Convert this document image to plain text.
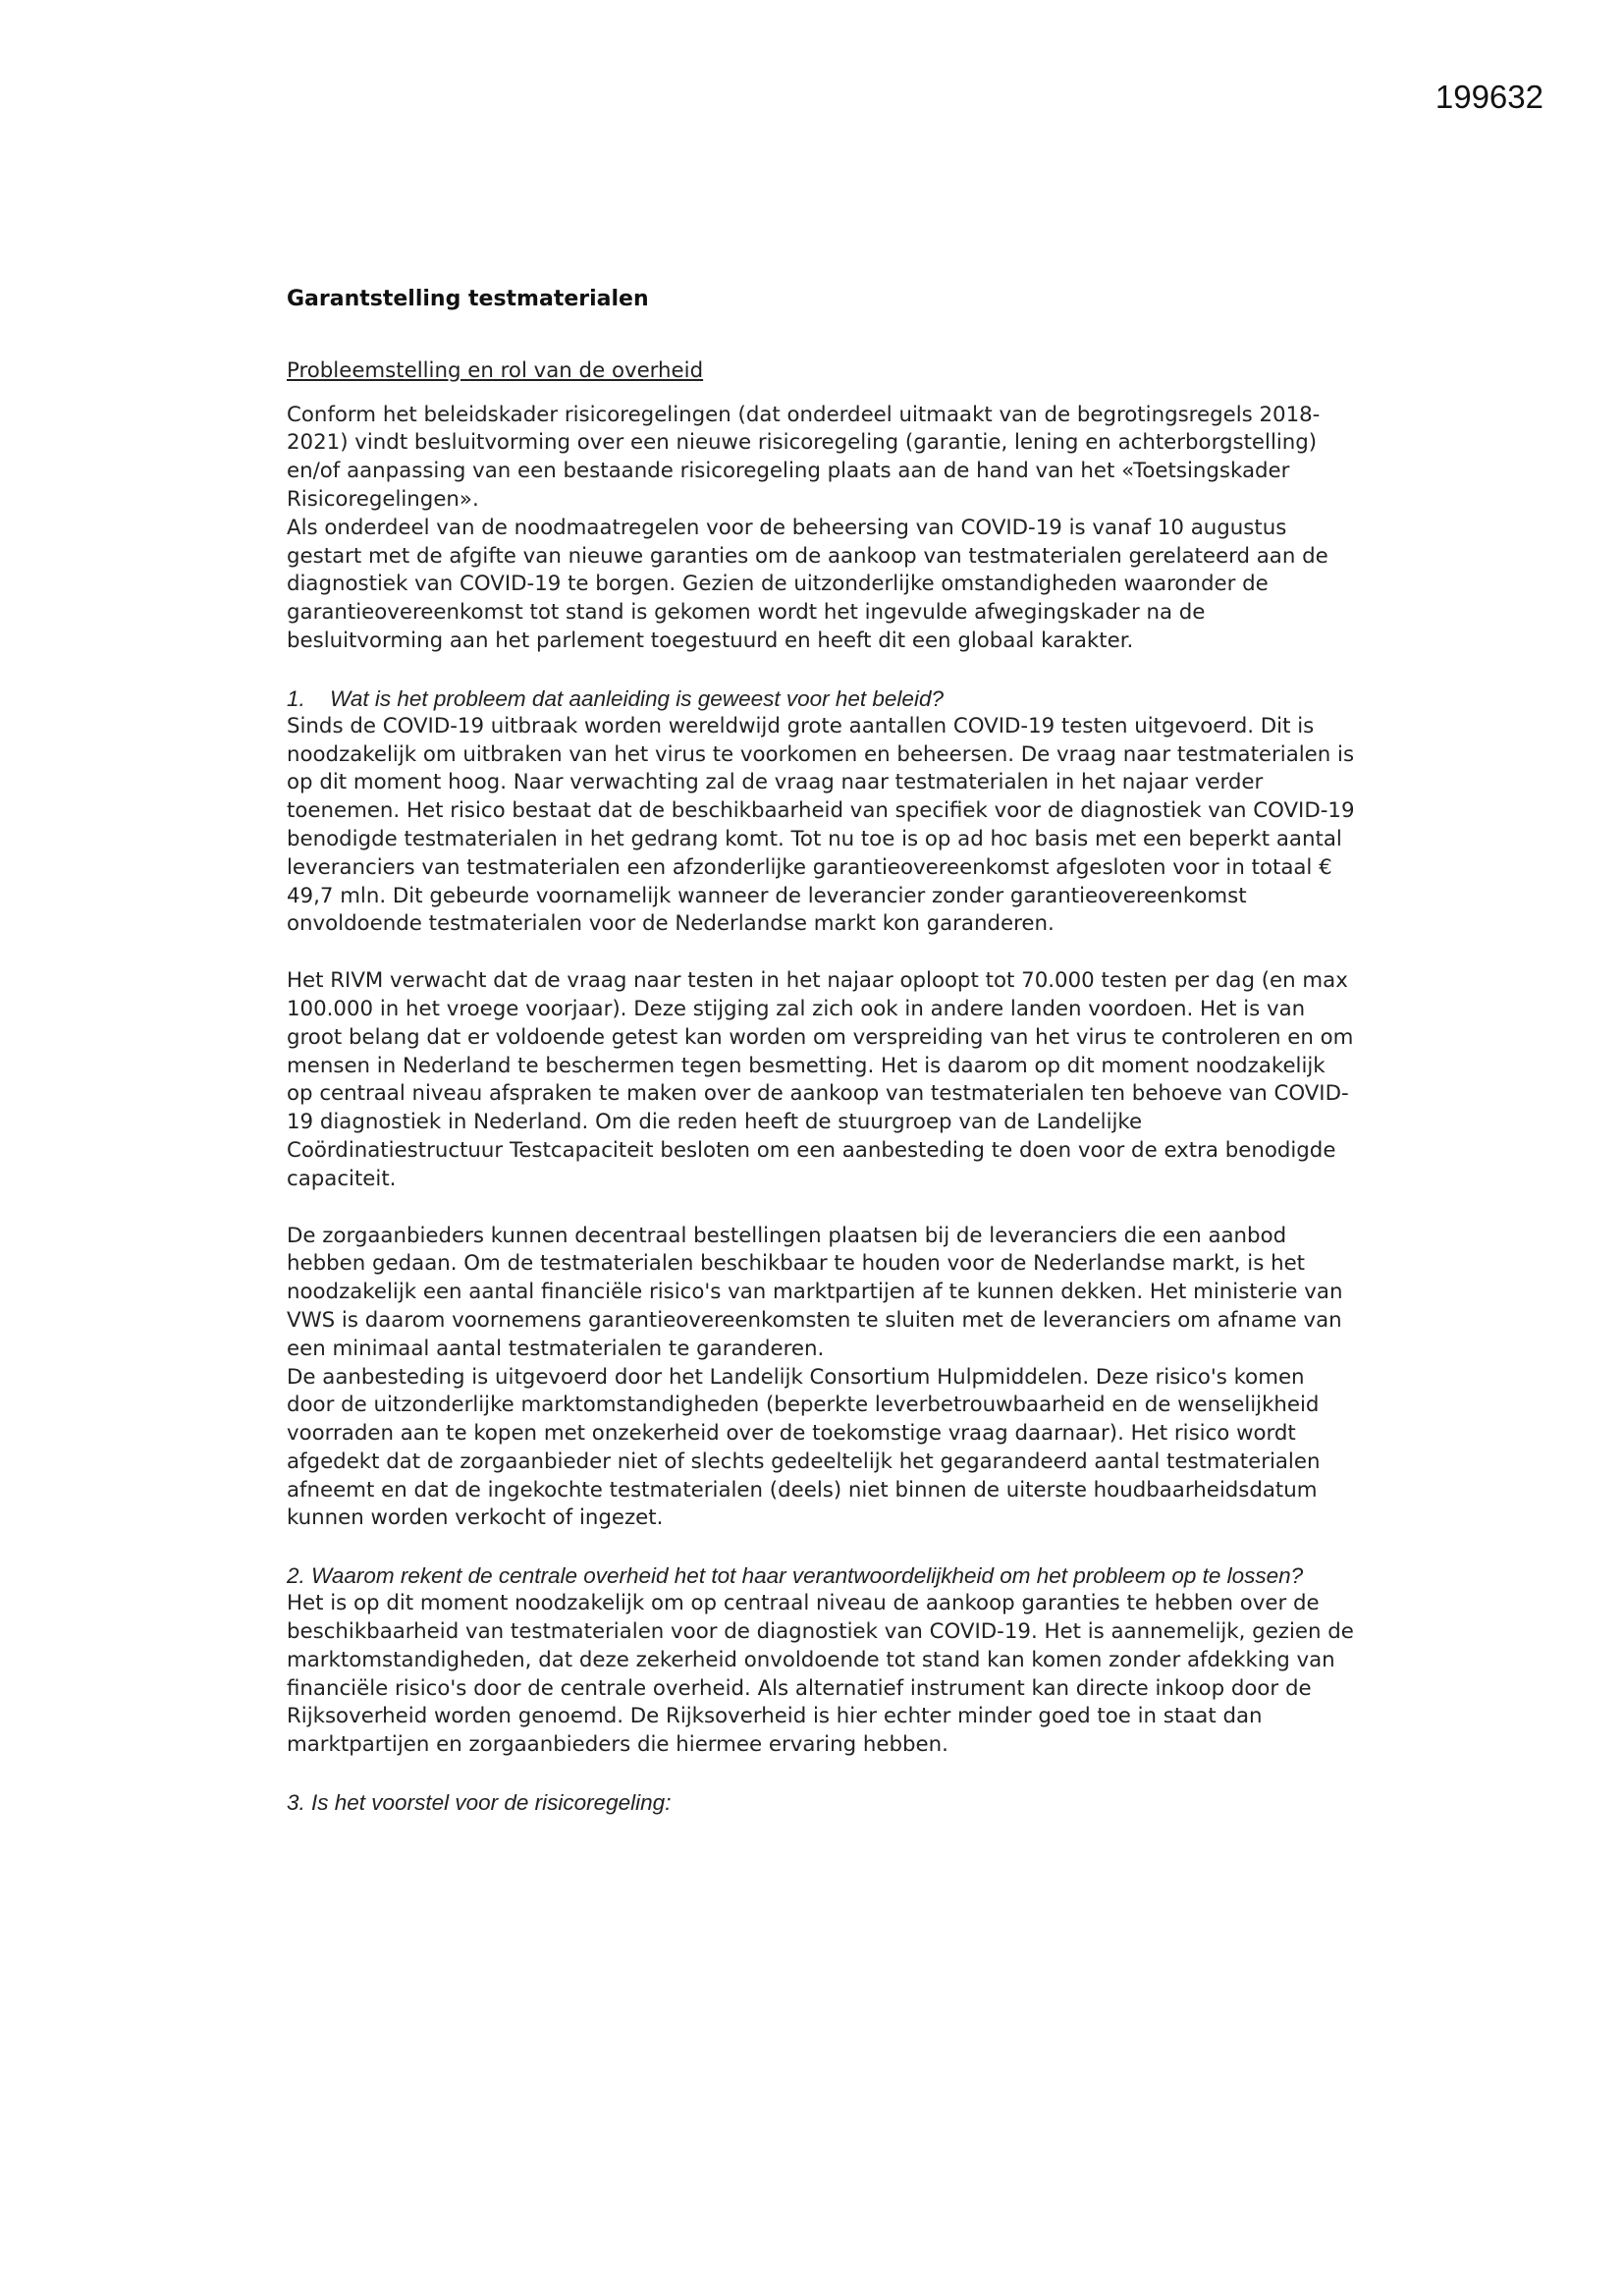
199632
Garantstelling testmaterialen
Probleemstelling en rol van de overheid

Conform het beleidskader risicoregelingen (dat onderdeel uitmaakt van de begrotingsregels 2018-2021) vindt besluitvorming over een nieuwe risicoregeling (garantie, lening en achterborgstelling) en/of aanpassing van een bestaande risicoregeling plaats aan de hand van het «Toetsingskader Risicoregelingen».

Als onderdeel van de noodmaatregelen voor de beheersing van COVID-19 is vanaf 10 augustus gestart met de afgifte van nieuwe garanties om de aankoop van testmaterialen gerelateerd aan de diagnostiek van COVID-19 te borgen. Gezien de uitzonderlijke omstandigheden waaronder de garantieovereenkomst tot stand is gekomen wordt het ingevulde afwegingskader na de besluitvorming aan het parlement toegestuurd en heeft dit een globaal karakter.

1. Wat is het probleem dat aanleiding is geweest voor het beleid?

Sinds de COVID-19 uitbraak worden wereldwijd grote aantallen COVID-19 testen uitgevoerd. Dit is noodzakelijk om uitbraken van het virus te voorkomen en beheersen. De vraag naar testmaterialen is op dit moment hoog. Naar verwachting zal de vraag naar testmaterialen in het najaar verder toenemen. Het risico bestaat dat de beschikbaarheid van specifiek voor de diagnostiek van COVID-19 benodigde testmaterialen in het gedrang komt. Tot nu toe is op ad hoc basis met een beperkt aantal leveranciers van testmaterialen een afzonderlijke garantieovereenkomst afgesloten voor in totaal € 49,7 mln. Dit gebeurde voornamelijk wanneer de leverancier zonder garantieovereenkomst onvoldoende testmaterialen voor de Nederlandse markt kon garanderen.

Het RIVM verwacht dat de vraag naar testen in het najaar oploopt tot 70.000 testen per dag (en max 100.000 in het vroege voorjaar). Deze stijging zal zich ook in andere landen voordoen. Het is van groot belang dat er voldoende getest kan worden om verspreiding van het virus te controleren en om mensen in Nederland te beschermen tegen besmetting. Het is daarom op dit moment noodzakelijk op centraal niveau afspraken te maken over de aankoop van testmaterialen ten behoeve van COVID-19 diagnostiek in Nederland. Om die reden heeft de stuurgroep van de Landelijke Coördinatiestructuur Testcapaciteit besloten om een aanbesteding te doen voor de extra benodigde capaciteit.

De zorgaanbieders kunnen decentraal bestellingen plaatsen bij de leveranciers die een aanbod hebben gedaan. Om de testmaterialen beschikbaar te houden voor de Nederlandse markt, is het noodzakelijk een aantal financiële risico's van marktpartijen af te kunnen dekken. Het ministerie van VWS is daarom voornemens garantieovereenkomsten te sluiten met de leveranciers om afname van een minimaal aantal testmaterialen te garanderen.

De aanbesteding is uitgevoerd door het Landelijk Consortium Hulpmiddelen. Deze risico's komen door de uitzonderlijke marktomstandigheden (beperkte leverbetrouwbaarheid en de wenselijkheid voorraden aan te kopen met onzekerheid over de toekomstige vraag daarnaar). Het risico wordt afgedekt dat de zorgaanbieder niet of slechts gedeeltelijk het gegarandeerd aantal testmaterialen afneemt en dat de ingekochte testmaterialen (deels) niet binnen de uiterste houdbaarheidsdatum kunnen worden verkocht of ingezet.

2. Waarom rekent de centrale overheid het tot haar verantwoordelijkheid om het probleem op te lossen?

Het is op dit moment noodzakelijk om op centraal niveau de aankoop garanties te hebben over de beschikbaarheid van testmaterialen voor de diagnostiek van COVID-19. Het is aannemelijk, gezien de marktomstandigheden, dat deze zekerheid onvoldoende tot stand kan komen zonder afdekking van financiële risico's door de centrale overheid. Als alternatief instrument kan directe inkoop door de Rijksoverheid worden genoemd. De Rijksoverheid is hier echter minder goed toe in staat dan marktpartijen en zorgaanbieders die hiermee ervaring hebben.

3. Is het voorstel voor de risicoregeling:
